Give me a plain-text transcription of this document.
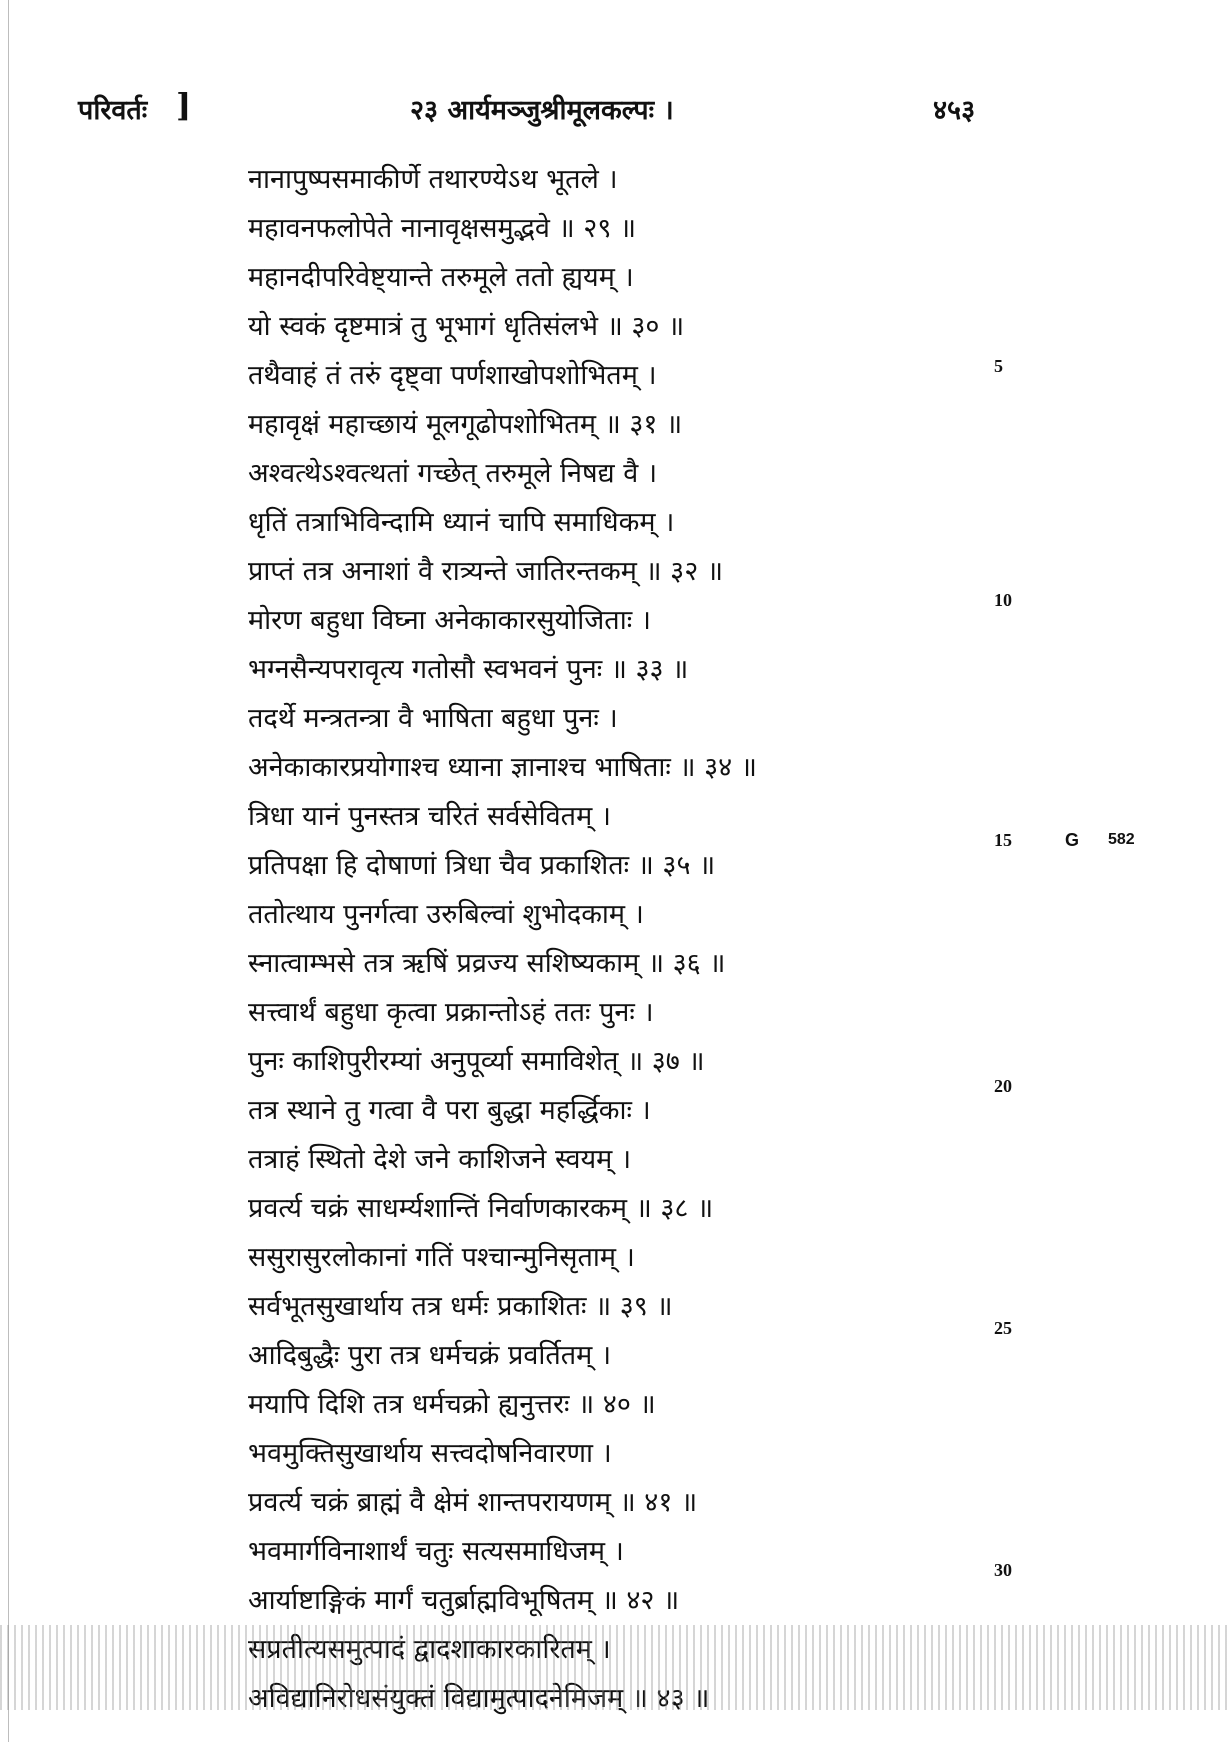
परिवर्तः ]	२३ आर्यमञ्जुश्रीमूलकल्पः ।	४५३
नानापुष्पसमाकीर्णे तथारण्येऽथ भूतले ।
महावनफलोपेते नानावृक्षसमुद्भवे ॥ २९ ॥
महानदीपरिवेष्ट्यान्ते तरुमूले ततो ह्ययम् ।
यो स्वकं दृष्टमात्रं तु भूभागं धृतिसंलभे ॥ ३० ॥
तथैवाहं तं तरुं दृष्ट्वा पर्णशाखोपशोभितम् ।
महावृक्षं महाच्छायं मूलगूढोपशोभितम् ॥ ३१ ॥
अश्वत्थेऽश्वत्थतां गच्छेत् तरुमूले निषद्य वै ।
धृतिं तत्राभिविन्दामि ध्यानं चापि समाधिकम् ।
प्राप्तं तत्र अनाशां वै रात्र्यन्ते जातिरन्तकम् ॥ ३२ ॥
मोरण बहुधा विघ्ना अनेकाकारसुयोजिताः ।
भग्नसैन्यपरावृत्य गतोसौ स्वभवनं पुनः ॥ ३३ ॥
तदर्थे मन्त्रतन्त्रा वै भाषिता बहुधा पुनः ।
अनेकाकारप्रयोगाश्च ध्याना ज्ञानाश्च भाषिताः ॥ ३४ ॥
त्रिधा यानं पुनस्तत्र चरितं सर्वसेवितम् ।
प्रतिपक्षा हि दोषाणां त्रिधा चैव प्रकाशितः ॥ ३५ ॥
ततोत्थाय पुनर्गत्वा उरुबिल्वां शुभोदकाम् ।
स्नात्वाम्भसे तत्र ऋषिं प्रव्रज्य सशिष्यकाम् ॥ ३६ ॥
सत्त्वार्थं बहुधा कृत्वा प्रक्रान्तोऽहं ततः पुनः ।
पुनः काशिपुरीरम्यां अनुपूर्व्या समाविशेत् ॥ ३७ ॥
तत्र स्थाने तु गत्वा वै परा बुद्धा महर्द्धिकाः ।
तत्राहं स्थितो देशे जने काशिजने स्वयम् ।
प्रवर्त्य चक्रं साधर्म्यशान्तिं निर्वाणकारकम् ॥ ३८ ॥
ससुरासुरलोकानां गतिं पश्चान्मुनिसृताम् ।
सर्वभूतसुखार्थाय तत्र धर्मः प्रकाशितः ॥ ३९ ॥
आदिबुद्धैः पुरा तत्र धर्मचक्रं प्रवर्तितम् ।
मयापि दिशि तत्र धर्मचक्रो ह्यनुत्तरः ॥ ४० ॥
भवमुक्तिसुखार्थाय सत्त्वदोषनिवारणा ।
प्रवर्त्य चक्रं ब्राह्मं वै क्षेमं शान्तपरायणम् ॥ ४१ ॥
भवमार्गविनाशार्थं चतुः सत्यसमाधिजम् ।
आर्याष्टाङ्गिकं मार्गं चतुर्ब्राह्मविभूषितम् ॥ ४२ ॥
सप्रतीत्यसमुत्पादं द्वादशाकारकारितम् ।
अविद्यानिरोधसंयुक्तं विद्यामुत्पादनेमिजम् ॥ ४३ ॥
5
10
15	G 582
20
25
30
